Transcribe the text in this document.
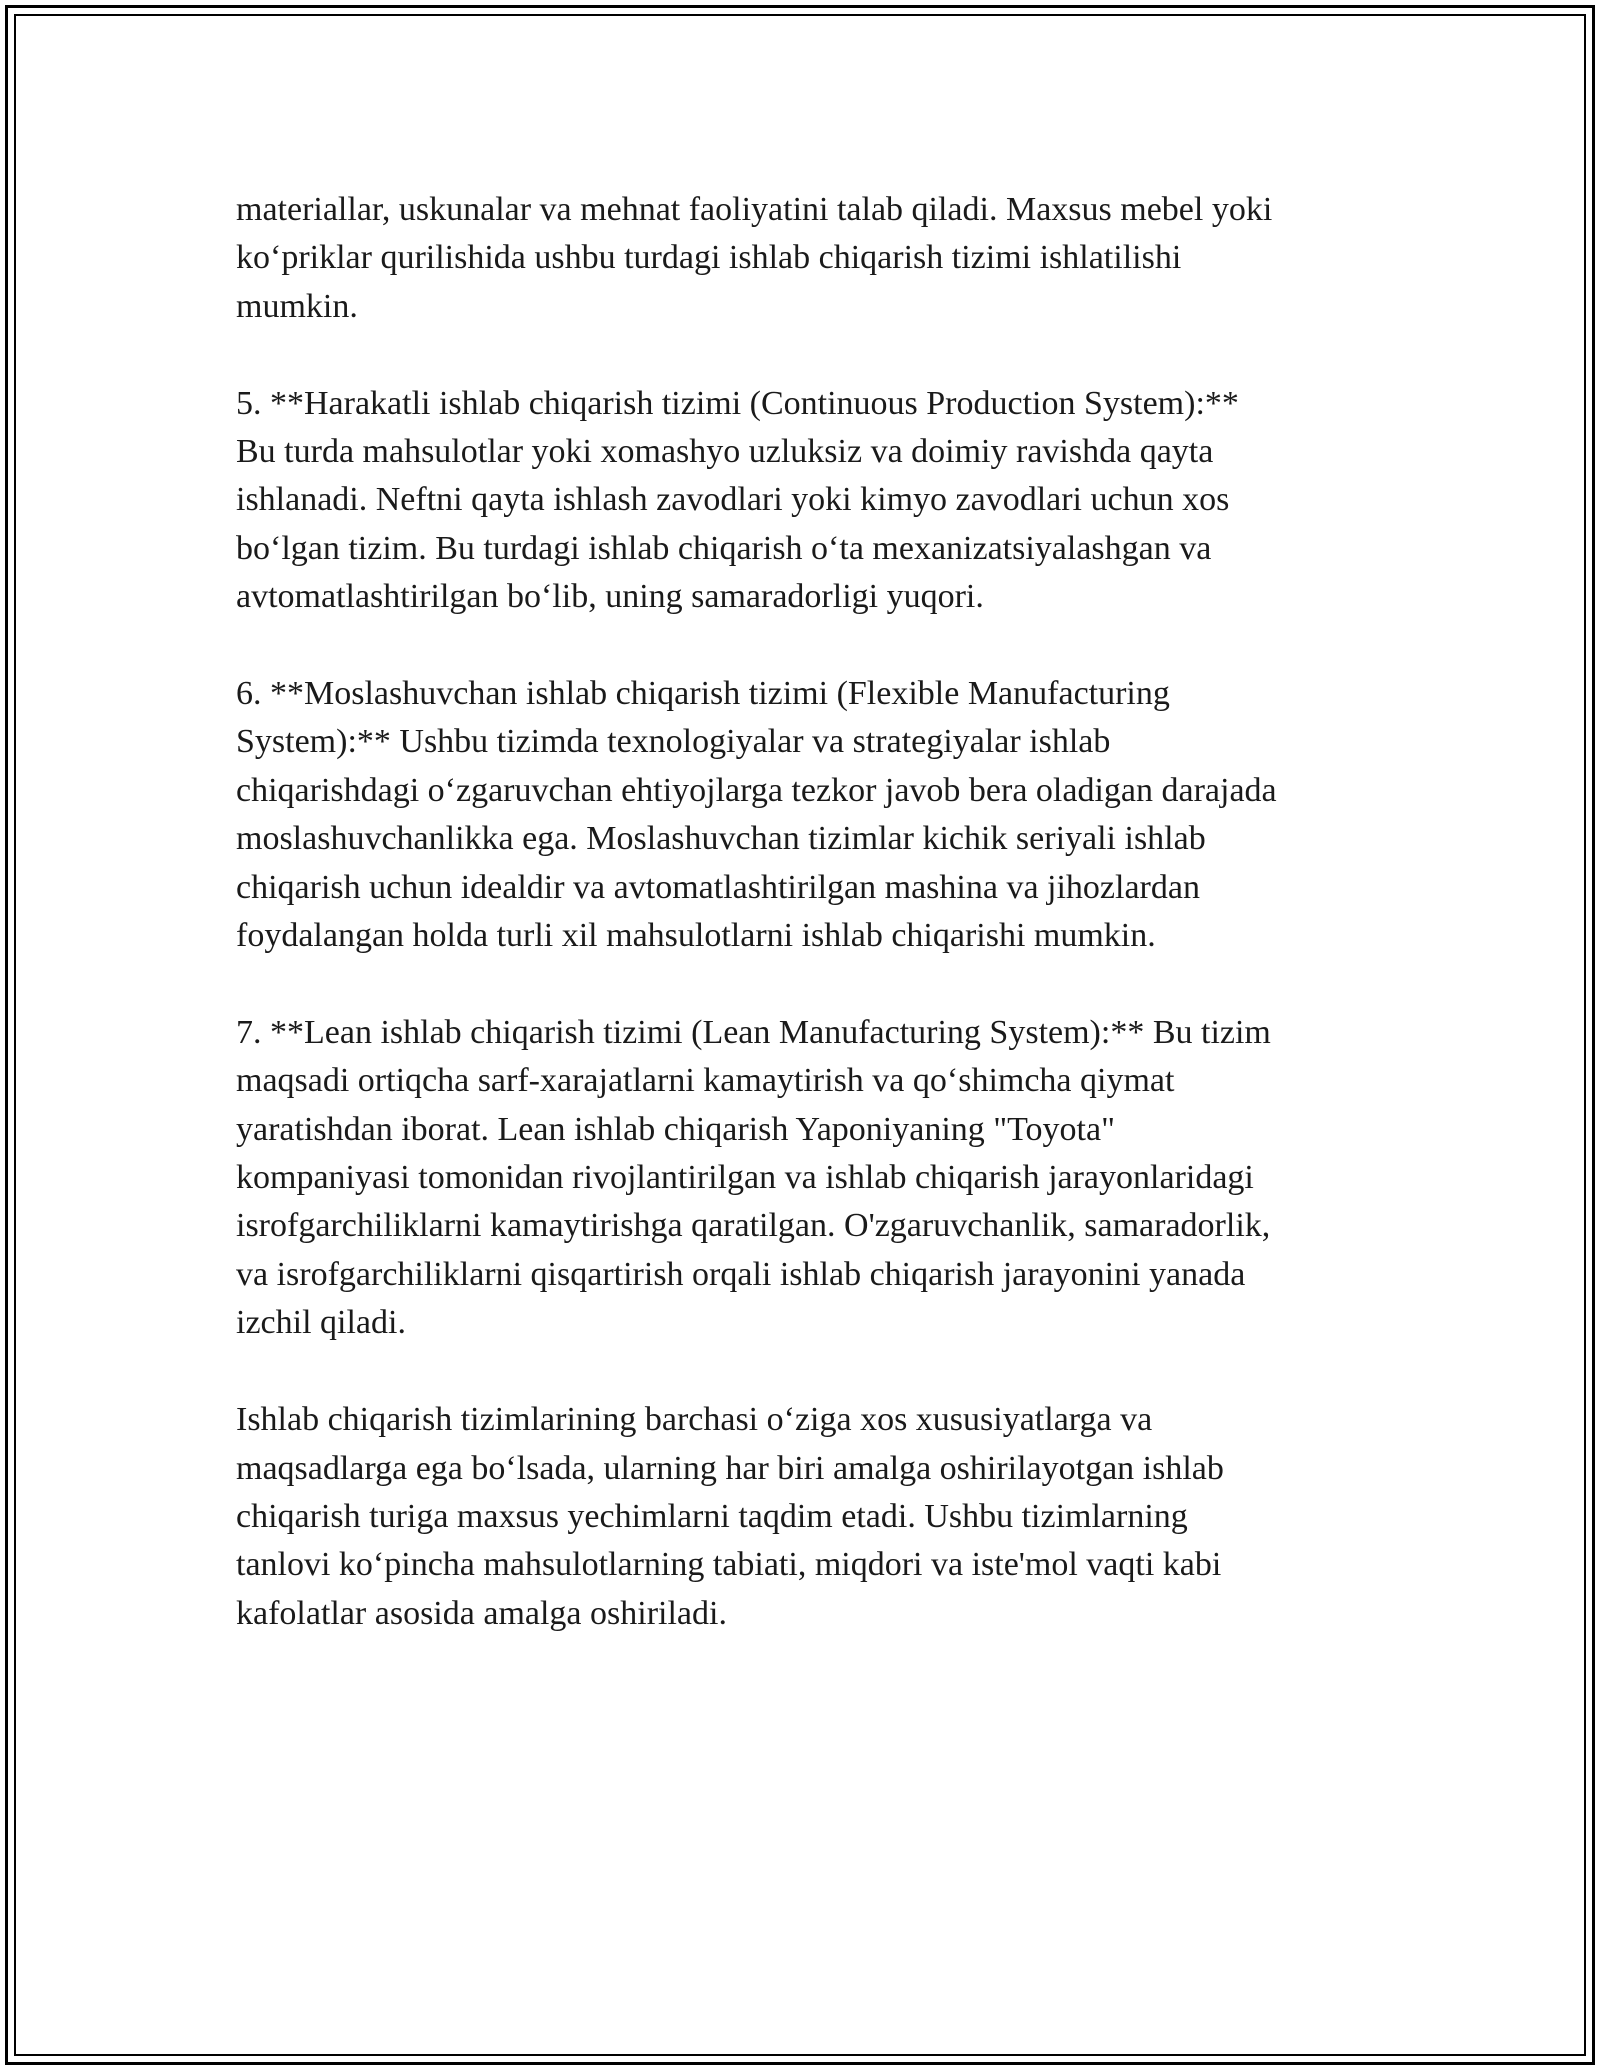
materiallar, uskunalar va mehnat faoliyatini talab qiladi. Maxsus mebel yoki
ko‘priklar qurilishida ushbu turdagi ishlab chiqarish tizimi ishlatilishi
mumkin.

5. **Harakatli ishlab chiqarish tizimi (Continuous Production System):**
Bu turda mahsulotlar yoki xomashyo uzluksiz va doimiy ravishda qayta
ishlanadi. Neftni qayta ishlash zavodlari yoki kimyo zavodlari uchun xos
bo‘lgan tizim. Bu turdagi ishlab chiqarish o‘ta mexanizatsiyalashgan va
avtomatlashtirilgan bo‘lib, uning samaradorligi yuqori.

6. **Moslashuvchan ishlab chiqarish tizimi (Flexible Manufacturing
System):** Ushbu tizimda texnologiyalar va strategiyalar ishlab
chiqarishdagi o‘zgaruvchan ehtiyojlarga tezkor javob bera oladigan darajada
moslashuvchanlikka ega. Moslashuvchan tizimlar kichik seriyali ishlab
chiqarish uchun idealdir va avtomatlashtirilgan mashina va jihozlardan
foydalangan holda turli xil mahsulotlarni ishlab chiqarishi mumkin.

7. **Lean ishlab chiqarish tizimi (Lean Manufacturing System):** Bu tizim
maqsadi ortiqcha sarf-xarajatlarni kamaytirish va qo‘shimcha qiymat
yaratishdan iborat. Lean ishlab chiqarish Yaponiyaning "Toyota"
kompaniyasi tomonidan rivojlantirilgan va ishlab chiqarish jarayonlaridagi
isrofgarchiliklarni kamaytirishga qaratilgan. O'zgaruvchanlik, samaradorlik,
va isrofgarchiliklarni qisqartirish orqali ishlab chiqarish jarayonini yanada
izchil qiladi.

Ishlab chiqarish tizimlarining barchasi o‘ziga xos xususiyatlarga va
maqsadlarga ega bo‘lsada, ularning har biri amalga oshirilayotgan ishlab
chiqarish turiga maxsus yechimlarni taqdim etadi. Ushbu tizimlarning
tanlovi ko‘pincha mahsulotlarning tabiati, miqdori va iste'mol vaqti kabi
kafolatlar asosida amalga oshiriladi.
